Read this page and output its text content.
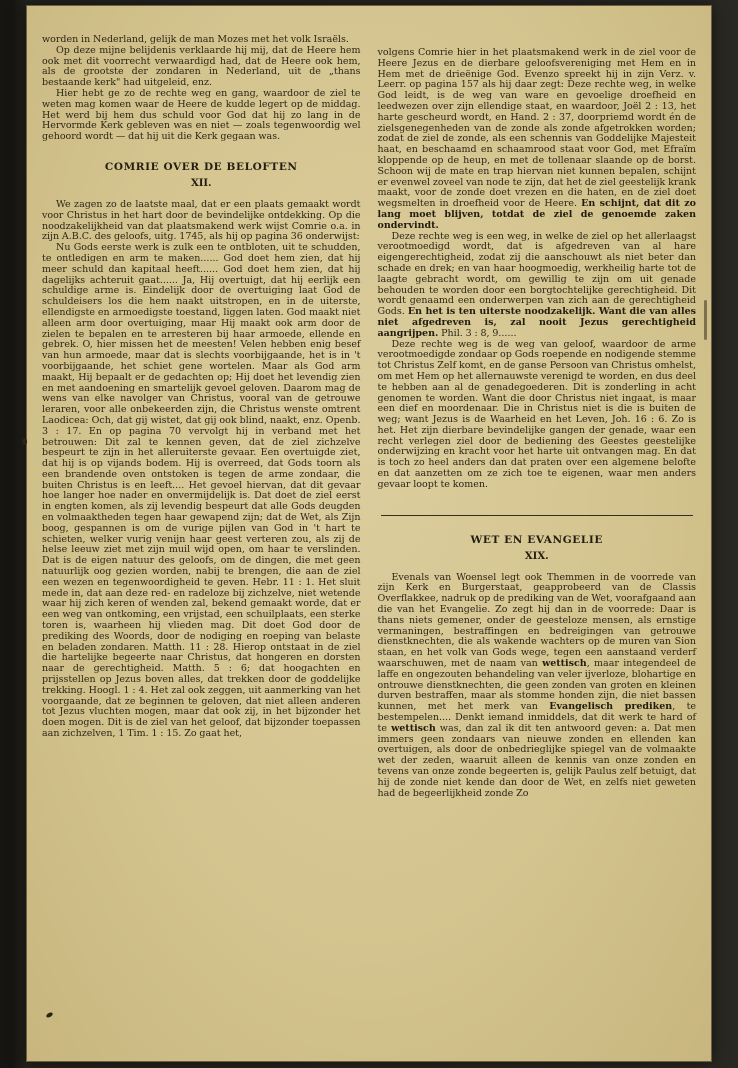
worden in Nederland, gelijk de man Mozes met het volk Israëls.

Op deze mijne belijdenis verklaarde hij mij, dat de Heere hem ook met dit voorrecht verwaardigd had, dat de Heere ook hem, als de grootste der zondaren in Nederland, uit de „thans bestaande kerk" had uitgeleid, enz.

Hier hebt ge zo de rechte weg en gang, waardoor de ziel te weten mag komen waar de Heere de kudde legert op de middag. Het werd bij hem dus schuld voor God dat hij zo lang in de Hervormde Kerk gebleven was en niet — zoals tegenwoordig wel gehoord wordt — dat hij uit die Kerk gegaan was.

COMRIE OVER DE BELOFTEN
XII.

We zagen zo de laatste maal, dat er een plaats gemaakt wordt voor Christus in het hart door de bevindelijke ontdekking. Op die noodzakelijkheid van dat plaatsmakend werk wijst Comrie o.a. in zijn A.B.C. des geloofs, uitg. 1745, als hij op pagina 36 onderwijst:

Nu Gods eerste werk is zulk een te ontbloten, uit te schudden, te ontledigen en arm te maken...... God doet hem zien, dat hij meer schuld dan kapitaal heeft...... God doet hem zien, dat hij dagelijks achteruit gaat...... Ja, Hij overtuigt, dat hij eerlijk een schuldige arme is. Eindelijk door de overtuiging laat God de schuldeisers los die hem naakt uitstropen, en in de uiterste, ellendigste en armoedigste toestand, liggen laten. God maakt niet alleen arm door overtuiging, maar Hij maakt ook arm door de zielen te bepalen en te arresteren bij haar armoede, ellende en gebrek. O, hier missen het de meesten! Velen hebben enig besef van hun armoede, maar dat is slechts voorbijgaande, het is in 't voorbijgaande, het schiet gene wortelen. Maar als God arm maakt, Hij bepaalt er de gedachten op; Hij doet het levendig zien en met aandoening en smartelijk gevoel geloven. Daarom mag de wens van elke navolger van Christus, vooral van de getrouwe leraren, voor alle onbekeerden zijn, die Christus wenste omtrent Laodicea: Och, dat gij wistet, dat gij ook blind, naakt, enz. Openb. 3 : 17. En op pagina 70 vervolgt hij in verband met het betrouwen: Dit zal te kennen geven, dat de ziel zichzelve bespeurt te zijn in het alleruiterste gevaar. Een overtuigde ziet, dat hij is op vijands bodem. Hij is overreed, dat Gods toorn als een brandende oven ontstoken is tegen de arme zondaar, die buiten Christus is en leeft.... Het gevoel hiervan, dat dit gevaar hoe langer hoe nader en onvermijdelijk is. Dat doet de ziel eerst in engten komen, als zij levendig bespeurt dat alle Gods deugden en volmaaktheden tegen haar gewapend zijn; dat de Wet, als Zijn boog, gespannen is om de vurige pijlen van God in 't hart te schieten, welker vurig venijn haar geest verteren zou, als zij de helse leeuw ziet met zijn muil wijd open, om haar te verslinden. Dat is de eigen natuur des geloofs, om de dingen, die met geen natuurlijk oog gezien worden, nabij te brengen, die aan de ziel een wezen en tegenwoordigheid te geven. Hebr. 11 : 1. Het sluit mede in, dat aan deze red- en radeloze bij zichzelve, niet wetende waar hij zich keren of wenden zal, bekend gemaakt worde, dat er een weg van ontkoming, een vrijstad, een schuilplaats, een sterke toren is, waarheen hij vlieden mag. Dit doet God door de prediking des Woords, door de nodiging en roeping van belaste en beladen zondaren. Matth. 11 : 28. Hierop ontstaat in de ziel die hartelijke begeerte naar Christus, dat hongeren en dorsten naar de gerechtigheid. Matth. 5 : 6; dat hoogachten en prijsstellen op Jezus boven alles, dat trekken door de goddelijke trekking. Hoogl. 1 : 4. Het zal ook zeggen, uit aanmerking van het voorgaande, dat ze beginnen te geloven, dat niet alleen anderen tot Jezus vluchten mogen, maar dat ook zij, in het bijzonder het doen mogen. Dit is de ziel van het geloof, dat bijzonder toepassen aan zichzelven, 1 Tim. 1 : 15. Zo gaat het,

volgens Comrie hier in het plaatsmakend werk in de ziel voor de Heere Jezus en de dierbare geloofsvereniging met Hem en in Hem met de drieënige God. Evenzo spreekt hij in zijn Verz. v. Leerr. op pagina 157 als hij daar zegt: Deze rechte weg, in welke God leidt, is de weg van ware en gevoelige droefheid en leedwezen over zijn ellendige staat, en waardoor, Joël 2 : 13, het harte gescheurd wordt, en Hand. 2 : 37, doorpriemd wordt én de zielsgenegenheden van de zonde als zonde afgetrokken worden; zodat de ziel de zonde, als een schennis van Goddelijke Majesteit haat, en beschaamd en schaamrood staat voor God, met Efraïm kloppende op de heup, en met de tollenaar slaande op de borst. Schoon wij de mate en trap hiervan niet kunnen bepalen, schijnt er evenwel zoveel van node te zijn, dat het de ziel geestelijk krank maakt, voor de zonde doet vrezen en die haten, en de ziel doet wegsmelten in droefheid voor de Heere. En schijnt, dat dit zo lang moet blijven, totdat de ziel de genoemde zaken ondervindt.

Deze rechte weg is een weg, in welke de ziel op het allerlaagst verootmoedigd wordt, dat is afgedreven van al hare eigengerechtigheid, zodat zij die aanschouwt als niet beter dan schade en drek; en van haar hoogmoedig, werkheilig harte tot de laagte gebracht wordt, om gewillig te zijn om uit genade behouden te worden door een borgtochtelijke gerechtigheid. Dit wordt genaamd een onderwerpen van zich aan de gerechtigheid Gods. En het is ten uiterste noodzakelijk. Want die van alles niet afgedreven is, zal nooit Jezus gerechtigheid aangrijpen. Phil. 3 : 8, 9......

Deze rechte weg is de weg van geloof, waardoor de arme verootmoedigde zondaar op Gods roepende en nodigende stemme tot Christus Zelf komt, en de ganse Persoon van Christus omhelst, om met Hem op het allernauwste verenigd te worden, en dus deel te hebben aan al de genadegoederen. Dit is zonderling in acht genomen te worden. Want die door Christus niet ingaat, is maar een dief en moordenaar. Die in Christus niet is die is buiten de weg; want Jezus is de Waarheid en het Leven, Joh. 16 : 6. Zo is het. Het zijn dierbare bevindelijke gangen der genade, waar een recht verlegen ziel door de bediening des Geestes geestelijke onderwijzing en kracht voor het harte uit ontvangen mag. En dat is toch zo heel anders dan dat praten over een algemene belofte en dat aanzetten om ze zich toe te eigenen, waar men anders gevaar loopt te komen.

WET EN EVANGELIE
XIX.

Evenals van Woensel legt ook Themmen in de voorrede van zijn Kerk en Burgerstaat, geapprobeerd van de Classis Overflakkee, nadruk op de prediking van de Wet, voorafgaand aan die van het Evangelie. Zo zegt hij dan in de voorrede: Daar is thans niets gemener, onder de geesteloze mensen, als ernstige vermaningen, bestraffingen en bedreigingen van getrouwe dienstknechten, die als wakende wachters op de muren van Sion staan, en het volk van Gods wege, tegen een aanstaand verderf waarschuwen, met de naam van wettisch, maar integendeel de laffe en ongezouten behandeling van veler ijverloze, blohartige en ontrouwe dienstknechten, die geen zonden van groten en kleinen durven bestraffen, maar als stomme honden zijn, die niet bassen kunnen, met het merk van Evangelisch prediken, te bestempelen.... Denkt iemand inmiddels, dat dit werk te hard of te wettisch was, dan zal ik dit ten antwoord geven: a. Dat men immers geen zondaars van nieuwe zonden en ellenden kan overtuigen, als door de onbedrieglijke spiegel van de volmaakte wet der zeden, waaruit alleen de kennis van onze zonden en tevens van onze zonde begeerten is, gelijk Paulus zelf betuigt, dat hij de zonde niet kende dan door de Wet, en zelfs niet geweten had de begeerlijkheid zonde Zo
